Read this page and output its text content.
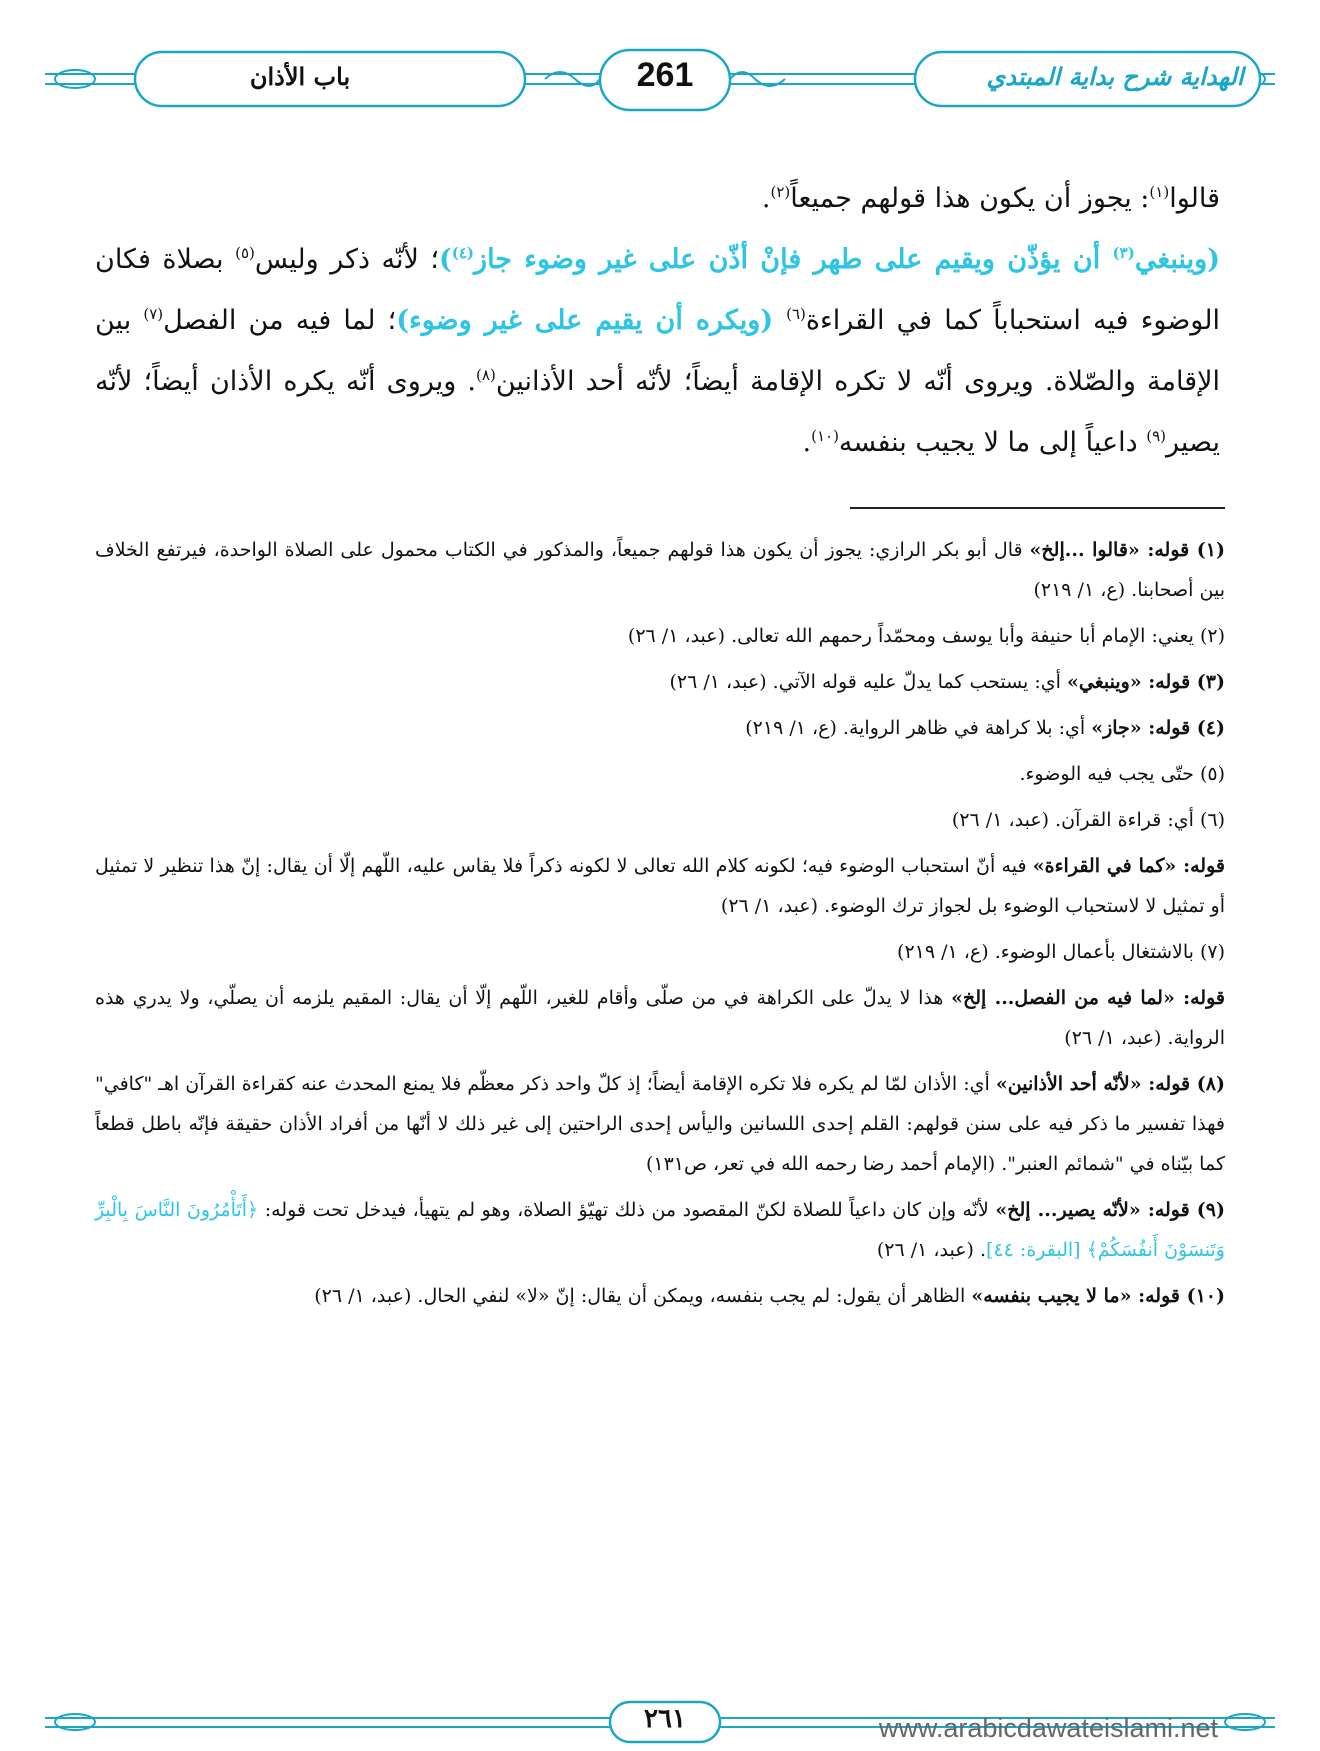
باب الأذان	261	الهداية شرح بداية المبتدي

قالوا$^{(١)}$: يجوز أن يكون هذا قولهم جميعاً$^{(٢)}$.

(وينبغي$^{(٣)}$ أن يؤذّن ويقيم على طهر فإنْ أذّن على غير وضوء جاز$^{(٤)}$)؛ لأنّه ذكر وليس$^{(٥)}$ بصلاة فكان الوضوء فيه استحباباً كما في القراءة$^{(٦)}$ (ويكره أن يقيم على غير وضوء)؛ لما فيه من الفصل$^{(٧)}$ بين الإقامة والصّلاة. ويروى أنّه لا تكره الإقامة أيضاً؛ لأنّه أحد الأذانين$^{(٨)}$. ويروى أنّه يكره الأذان أيضاً؛ لأنّه يصير$^{(٩)}$ داعياً إلى ما لا يجيب بنفسه$^{(١٠)}$.

(١) قوله: «قالوا ...إلخ» قال أبو بكر الرازي: يجوز أن يكون هذا قولهم جميعاً، والمذكور في الكتاب محمول على الصلاة الواحدة، فيرتفع الخلاف بين أصحابنا. (ع، ١/ ٢١٩)

(٢) يعني: الإمام أبا حنيفة وأبا يوسف ومحمّداً رحمهم الله تعالى. (عبد، ١/ ٢٦)

(٣) قوله: «وينبغي» أي: يستحب كما يدلّ عليه قوله الآتي. (عبد، ١/ ٢٦)

(٤) قوله: «جاز» أي: بلا كراهة في ظاهر الرواية. (ع، ١/ ٢١٩)

(٥) حتّى يجب فيه الوضوء.

(٦) أي: قراءة القرآن. (عبد، ١/ ٢٦)

قوله: «كما في القراءة» فيه أنّ استحباب الوضوء فيه؛ لكونه كلام الله تعالى لا لكونه ذكراً فلا يقاس عليه، اللّهم إلّا أن يقال: إنّ هذا تنظير لا تمثيل أو تمثيل لا لاستحباب الوضوء بل لجواز ترك الوضوء. (عبد، ١/ ٢٦)

(٧) بالاشتغال بأعمال الوضوء. (ع، ١/ ٢١٩)

قوله: «لما فيه من الفصل... إلخ» هذا لا يدلّ على الكراهة في من صلّى وأقام للغير، اللّهم إلّا أن يقال: المقيم يلزمه أن يصلّي، ولا يدري هذه الرواية. (عبد، ١/ ٢٦)

(٨) قوله: «لأنّه أحد الأذانين» أي: الأذان لمّا لم يكره فلا تكره الإقامة أيضاً؛ إذ كلّ واحد ذكر معظّم فلا يمنع المحدث عنه كقراءة القرآن اهـ "كافي" فهذا تفسير ما ذكر فيه على سنن قولهم: القلم إحدى اللسانين واليأس إحدى الراحتين إلى غير ذلك لا أنّها من أفراد الأذان حقيقة فإنّه باطل قطعاً كما بيّناه في "شمائم العنبر". (الإمام أحمد رضا رحمه الله في تعر، ص١٣١)

(٩) قوله: «لأنّه يصير... إلخ» لأنّه وإن كان داعياً للصلاة لكنّ المقصود من ذلك تهيّؤ الصلاة، وهو لم يتهيأ، فيدخل تحت قوله: ﴿أَتَأْمُرُونَ النَّاسَ بِالْبِرِّ وَتَنسَوْنَ أَنفُسَكُمْ﴾ [البقرة: ٤٤]. (عبد، ١/ ٢٦)

(١٠) قوله: «ما لا يجيب بنفسه» الظاهر أن يقول: لم يجب بنفسه، ويمكن أن يقال: إنّ «لا» لنفي الحال. (عبد، ١/ ٢٦)

٢٦١	www.arabicdawateislami.net
